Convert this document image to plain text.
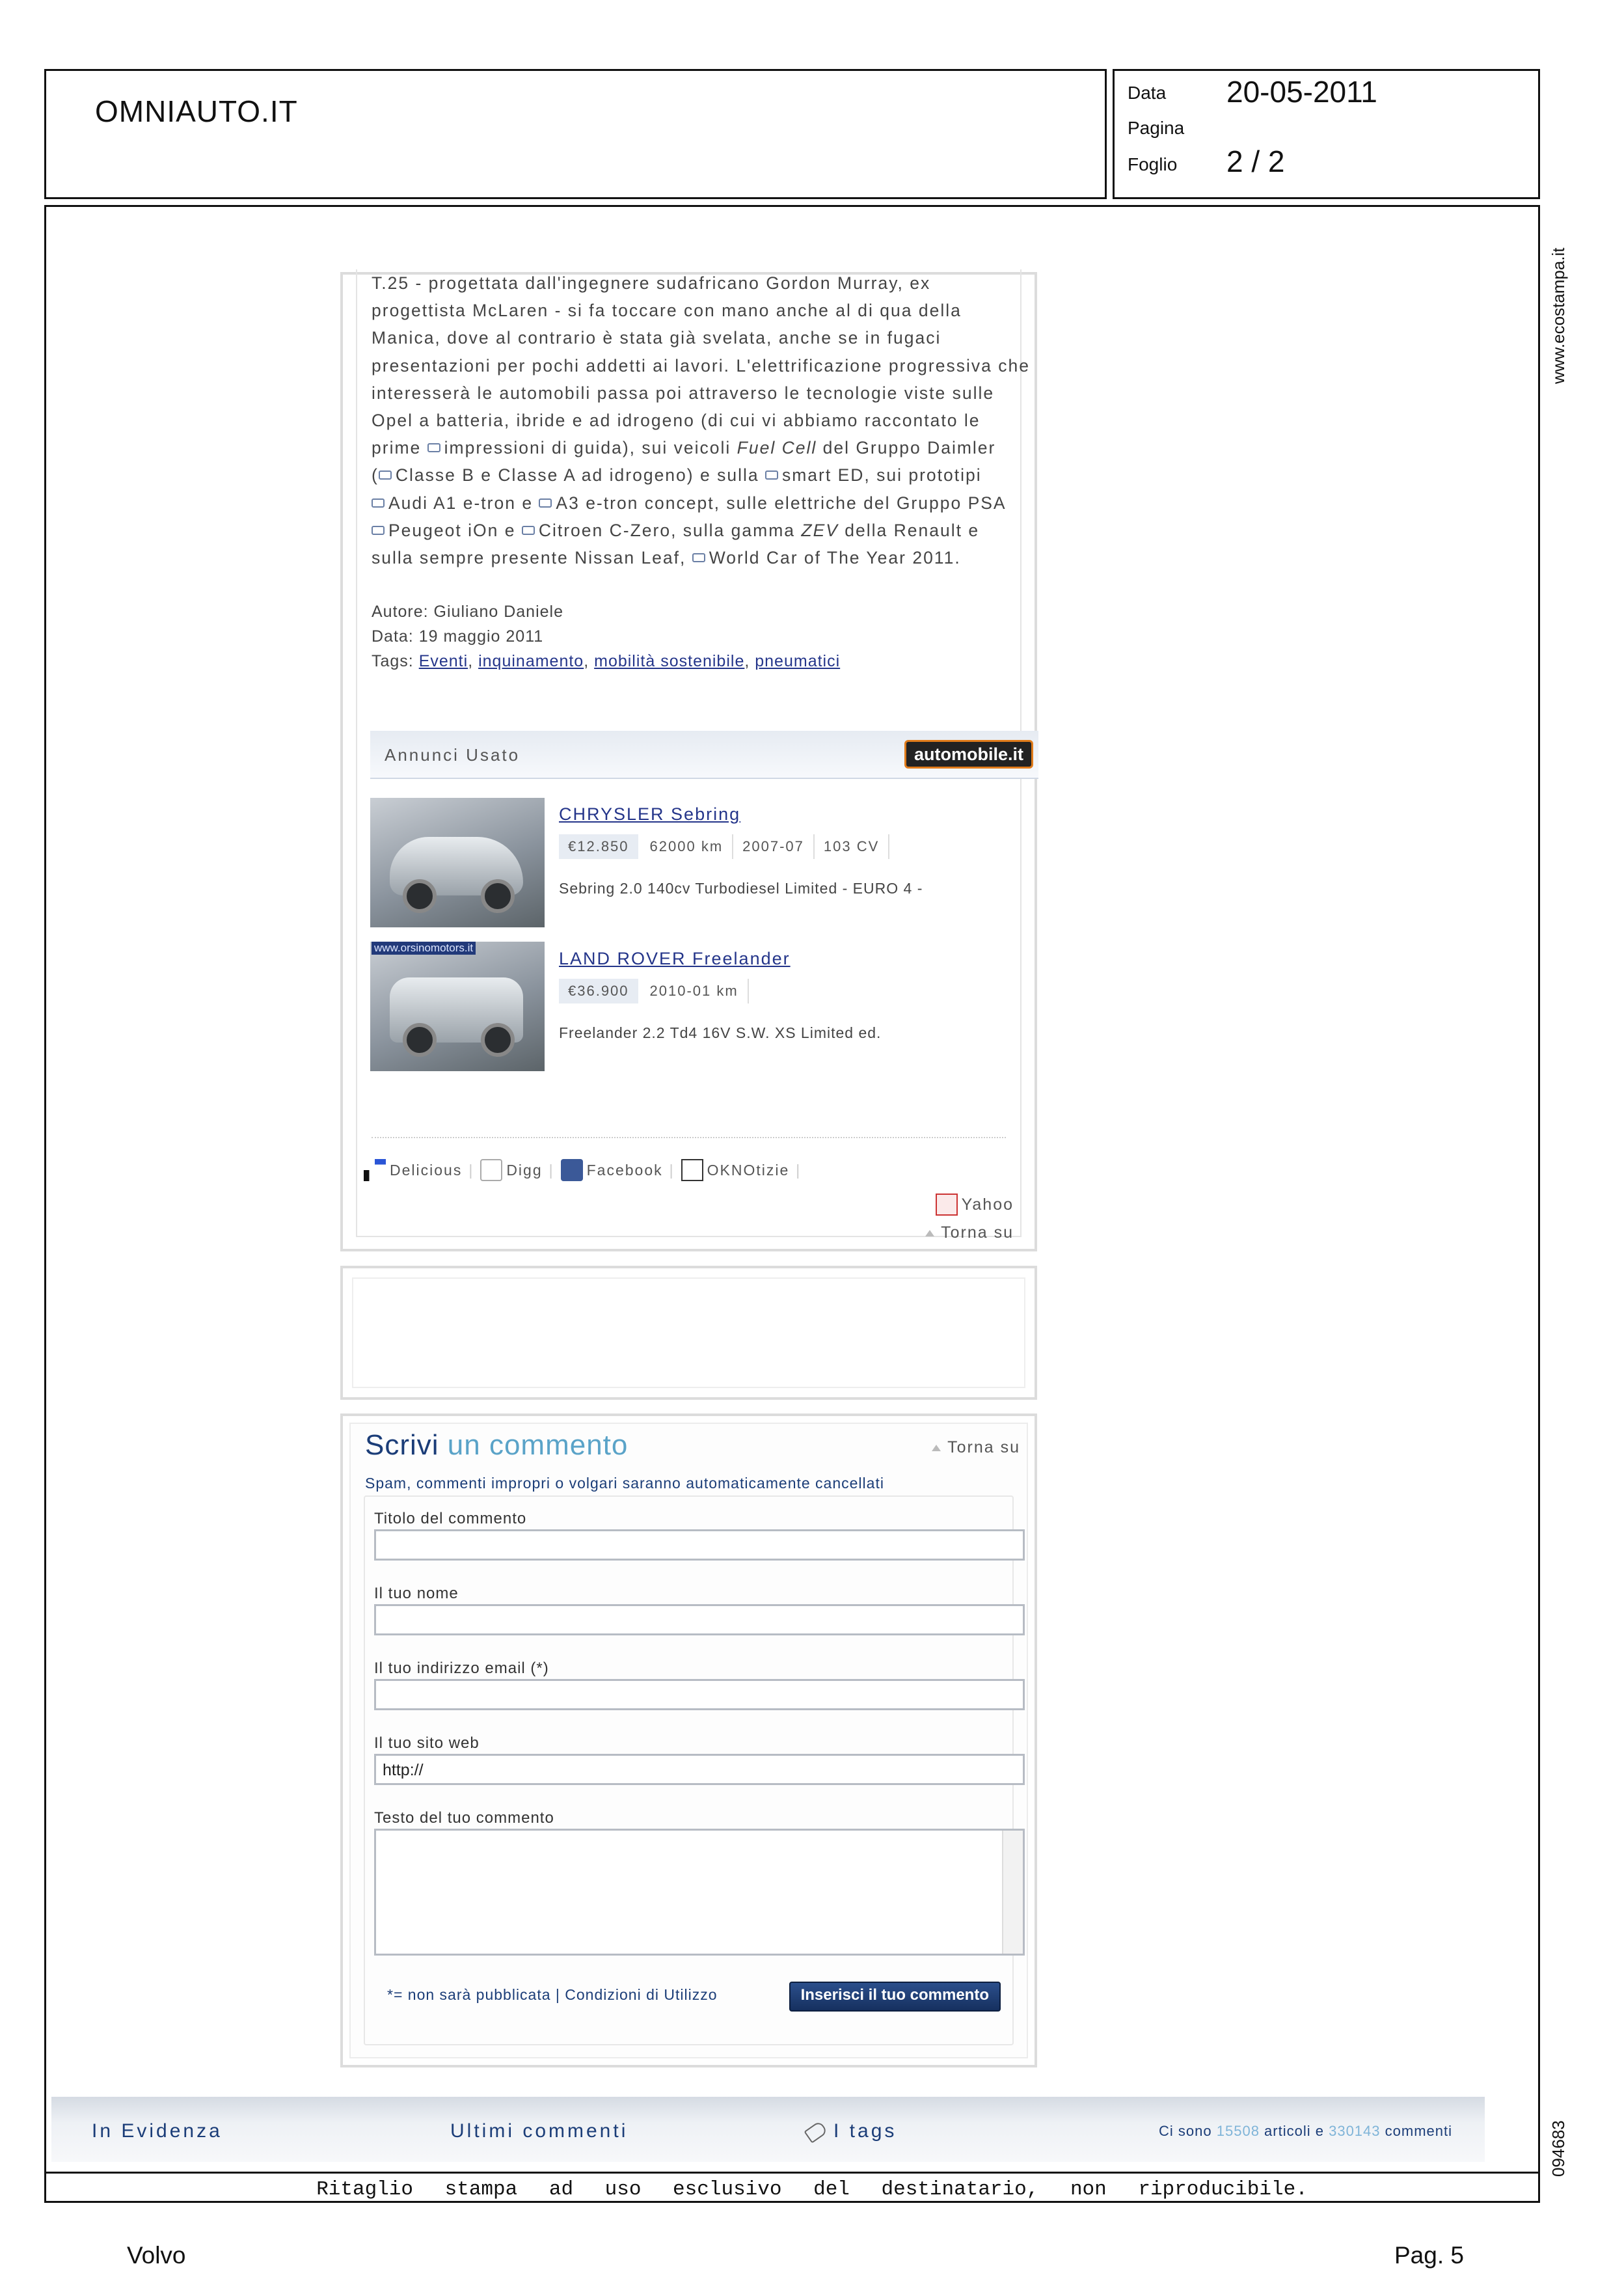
OMNIAUTO.IT
Data 20-05-2011
Pagina
Foglio 2 / 2
www.ecostampa.it
094683
T.25 - progettata dall'ingegnere sudafricano Gordon Murray, ex
progettista McLaren - si fa toccare con mano anche al di qua della
Manica, dove al contrario è stata già svelata, anche se in fugaci
presentazioni per pochi addetti ai lavori. L'elettrificazione progressiva che
interesserà le automobili passa poi attraverso le tecnologie viste sulle
Opel a batteria, ibride e ad idrogeno (di cui vi abbiamo raccontato le
prime impressioni di guida), sui veicoli Fuel Cell del Gruppo Daimler
( Classe B e Classe A ad idrogeno) e sulla smart ED, sui prototipi
Audi A1 e-tron e A3 e-tron concept, sulle elettriche del Gruppo PSA
Peugeot iOn e Citroen C-Zero, sulla gamma ZEV della Renault e
sulla sempre presente Nissan Leaf, World Car of The Year 2011.
Autore: Giuliano Daniele
Data: 19 maggio 2011
Tags: Eventi, inquinamento, mobilità sostenibile, pneumatici
Annunci Usato	automobile.it
CHRYSLER Sebring
€12.850	62000 km	2007-07	103 CV
Sebring 2.0 140cv Turbodiesel Limited - EURO 4 -
www.orsinomotors.it
LAND ROVER Freelander
€36.900	2010-01 km
Freelander 2.2 Td4 16V S.W. XS Limited ed.
Delicious | Digg | Facebook | OKNOtizie |
Yahoo
Torna su
Scrivi un commento	Torna su
Spam, commenti impropri o volgari saranno automaticamente cancellati
Titolo del commento
Il tuo nome
Il tuo indirizzo email (*)
Il tuo sito web
http://
Testo del tuo commento
*= non sarà pubblicata | Condizioni di Utilizzo	Inserisci il tuo commento
In Evidenza	Ultimi commenti	I tags	Ci sono 15508 articoli e 330143 commenti
Ritaglio stampa ad uso esclusivo del destinatario, non riproducibile.
Volvo	Pag. 5
